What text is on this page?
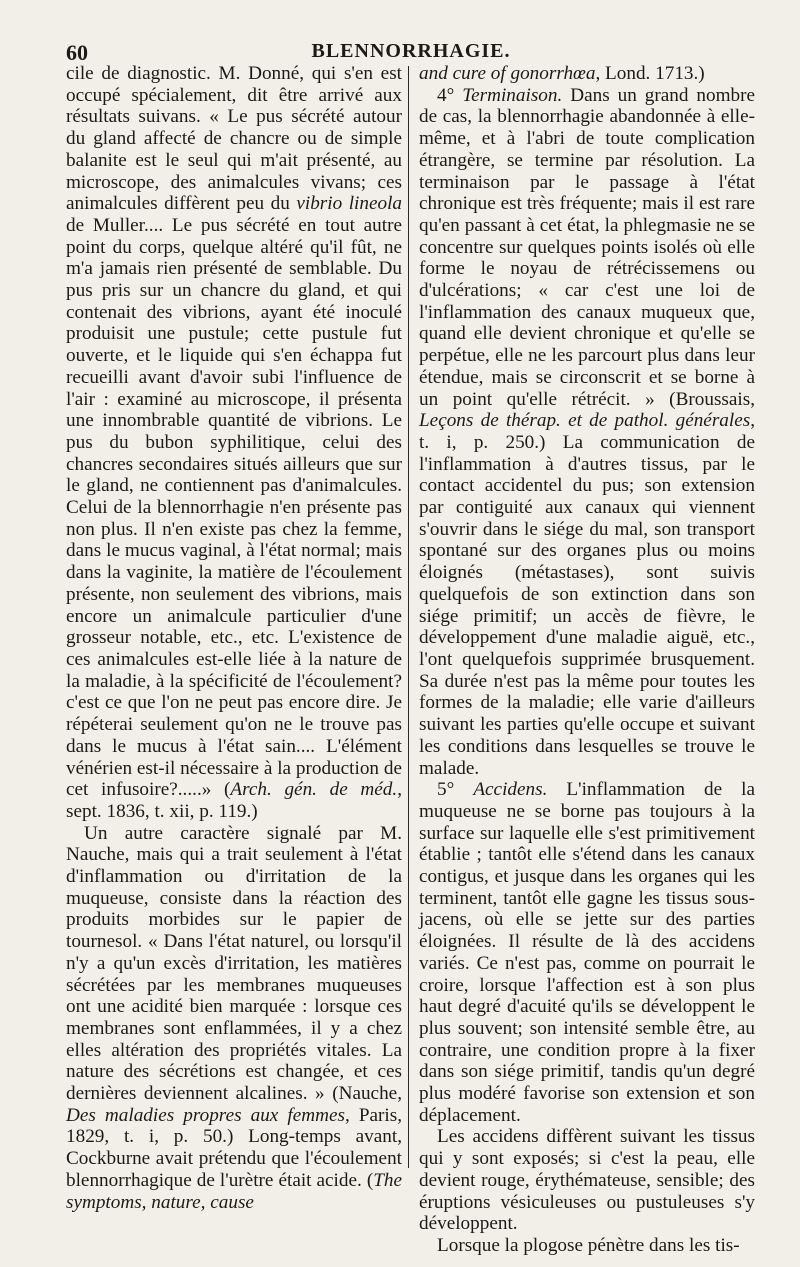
60	BLENNORRHAGIE.

cile de diagnostic. M. Donné, qui s'en est occupé spécialement, dit être arrivé aux résultats suivans. « Le pus sécrété autour du gland affecté de chancre ou de simple balanite est le seul qui m'ait présenté, au microscope, des animalcules vivans; ces animalcules diffèrent peu du vibrio lineola de Muller.... Le pus sécrété en tout autre point du corps, quelque altéré qu'il fût, ne m'a jamais rien présenté de semblable. Du pus pris sur un chancre du gland, et qui contenait des vibrions, ayant été inoculé produisit une pustule; cette pustule fut ouverte, et le liquide qui s'en échappa fut recueilli avant d'avoir subi l'influence de l'air : examiné au microscope, il présenta une innombrable quantité de vibrions. Le pus du bubon syphilitique, celui des chancres secondaires situés ailleurs que sur le gland, ne contiennent pas d'animalcules. Celui de la blennorrhagie n'en présente pas non plus. Il n'en existe pas chez la femme, dans le mucus vaginal, à l'état normal; mais dans la vaginite, la matière de l'écoulement présente, non seulement des vibrions, mais encore un animalcule particulier d'une grosseur notable, etc., etc. L'existence de ces animalcules est-elle liée à la nature de la maladie, à la spécificité de l'écoulement? c'est ce que l'on ne peut pas encore dire. Je répéterai seulement qu'on ne le trouve pas dans le mucus à l'état sain.... L'élément vénérien est-il nécessaire à la production de cet infusoire?.....» (Arch. gén. de méd., sept. 1836, t. xii, p. 119.)

Un autre caractère signalé par M. Nauche, mais qui a trait seulement à l'état d'inflammation ou d'irritation de la muqueuse, consiste dans la réaction des produits morbides sur le papier de tournesol. « Dans l'état naturel, ou lorsqu'il n'y a qu'un excès d'irritation, les matières sécrétées par les membranes muqueuses ont une acidité bien marquée : lorsque ces membranes sont enflammées, il y a chez elles altération des propriétés vitales. La nature des sécrétions est changée, et ces dernières deviennent alcalines. » (Nauche, Des maladies propres aux femmes, Paris, 1829, t. i, p. 50.) Long-temps avant, Cockburne avait prétendu que l'écoulement blennorrhagique de l'urètre était acide. (The symptoms, nature, cause

and cure of gonorrhœa, Lond. 1713.)

4° Terminaison. Dans un grand nombre de cas, la blennorrhagie abandonnée à elle-même, et à l'abri de toute complication étrangère, se termine par résolution. La terminaison par le passage à l'état chronique est très fréquente; mais il est rare qu'en passant à cet état, la phlegmasie ne se concentre sur quelques points isolés où elle forme le noyau de rétrécissemens ou d'ulcérations; « car c'est une loi de l'inflammation des canaux muqueux que, quand elle devient chronique et qu'elle se perpétue, elle ne les parcourt plus dans leur étendue, mais se circonscrit et se borne à un point qu'elle rétrécit. » (Broussais, Leçons de thérap. et de pathol. générales, t. i, p. 250.) La communication de l'inflammation à d'autres tissus, par le contact accidentel du pus; son extension par contiguité aux canaux qui viennent s'ouvrir dans le siége du mal, son transport spontané sur des organes plus ou moins éloignés (métastases), sont suivis quelquefois de son extinction dans son siége primitif; un accès de fièvre, le développement d'une maladie aiguë, etc., l'ont quelquefois supprimée brusquement. Sa durée n'est pas la même pour toutes les formes de la maladie; elle varie d'ailleurs suivant les parties qu'elle occupe et suivant les conditions dans lesquelles se trouve le malade.

5° Accidens. L'inflammation de la muqueuse ne se borne pas toujours à la surface sur laquelle elle s'est primitivement établie ; tantôt elle s'étend dans les canaux contigus, et jusque dans les organes qui les terminent, tantôt elle gagne les tissus sous-jacens, où elle se jette sur des parties éloignées. Il résulte de là des accidens variés. Ce n'est pas, comme on pourrait le croire, lorsque l'affection est à son plus haut degré d'acuité qu'ils se développent le plus souvent; son intensité semble être, au contraire, une condition propre à la fixer dans son siége primitif, tandis qu'un degré plus modéré favorise son extension et son déplacement.

Les accidens diffèrent suivant les tissus qui y sont exposés; si c'est la peau, elle devient rouge, érythémateuse, sensible; des éruptions vésiculeuses ou pustuleuses s'y développent.

Lorsque la plogose pénètre dans les tis-
